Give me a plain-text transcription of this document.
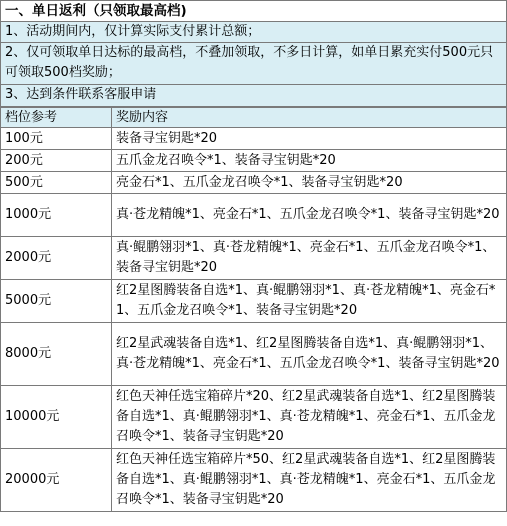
一、单日返利（只领取最高档)
1、活动期间内，仅计算实际支付累计总额；
2、仅可领取单日达标的最高档，不叠加领取，不多日计算，如单日累充实付500元只可领取500档奖励；
3、达到条件联系客服申请
档位参考	奖励内容
100元	装备寻宝钥匙*20
200元	五爪金龙召唤令*1、装备寻宝钥匙*20
500元	亮金石*1、五爪金龙召唤令*1、装备寻宝钥匙*20
1000元	真·苍龙精魄*1、亮金石*1、五爪金龙召唤令*1、装备寻宝钥匙*20
2000元	真·鲲鹏翎羽*1、真·苍龙精魄*1、亮金石*1、五爪金龙召唤令*1、装备寻宝钥匙*20
5000元	红2星图腾装备自选*1、真·鲲鹏翎羽*1、真·苍龙精魄*1、亮金石*1、五爪金龙召唤令*1、装备寻宝钥匙*20
8000元	红2星武魂装备自选*1、红2星图腾装备自选*1、真·鲲鹏翎羽*1、真·苍龙精魄*1、亮金石*1、五爪金龙召唤令*1、装备寻宝钥匙*20
10000元	红色天神任选宝箱碎片*20、红2星武魂装备自选*1、红2星图腾装备自选*1、真·鲲鹏翎羽*1、真·苍龙精魄*1、亮金石*1、五爪金龙召唤令*1、装备寻宝钥匙*20
20000元	红色天神任选宝箱碎片*50、红2星武魂装备自选*1、红2星图腾装备自选*1、真·鲲鹏翎羽*1、真·苍龙精魄*1、亮金石*1、五爪金龙召唤令*1、装备寻宝钥匙*20
